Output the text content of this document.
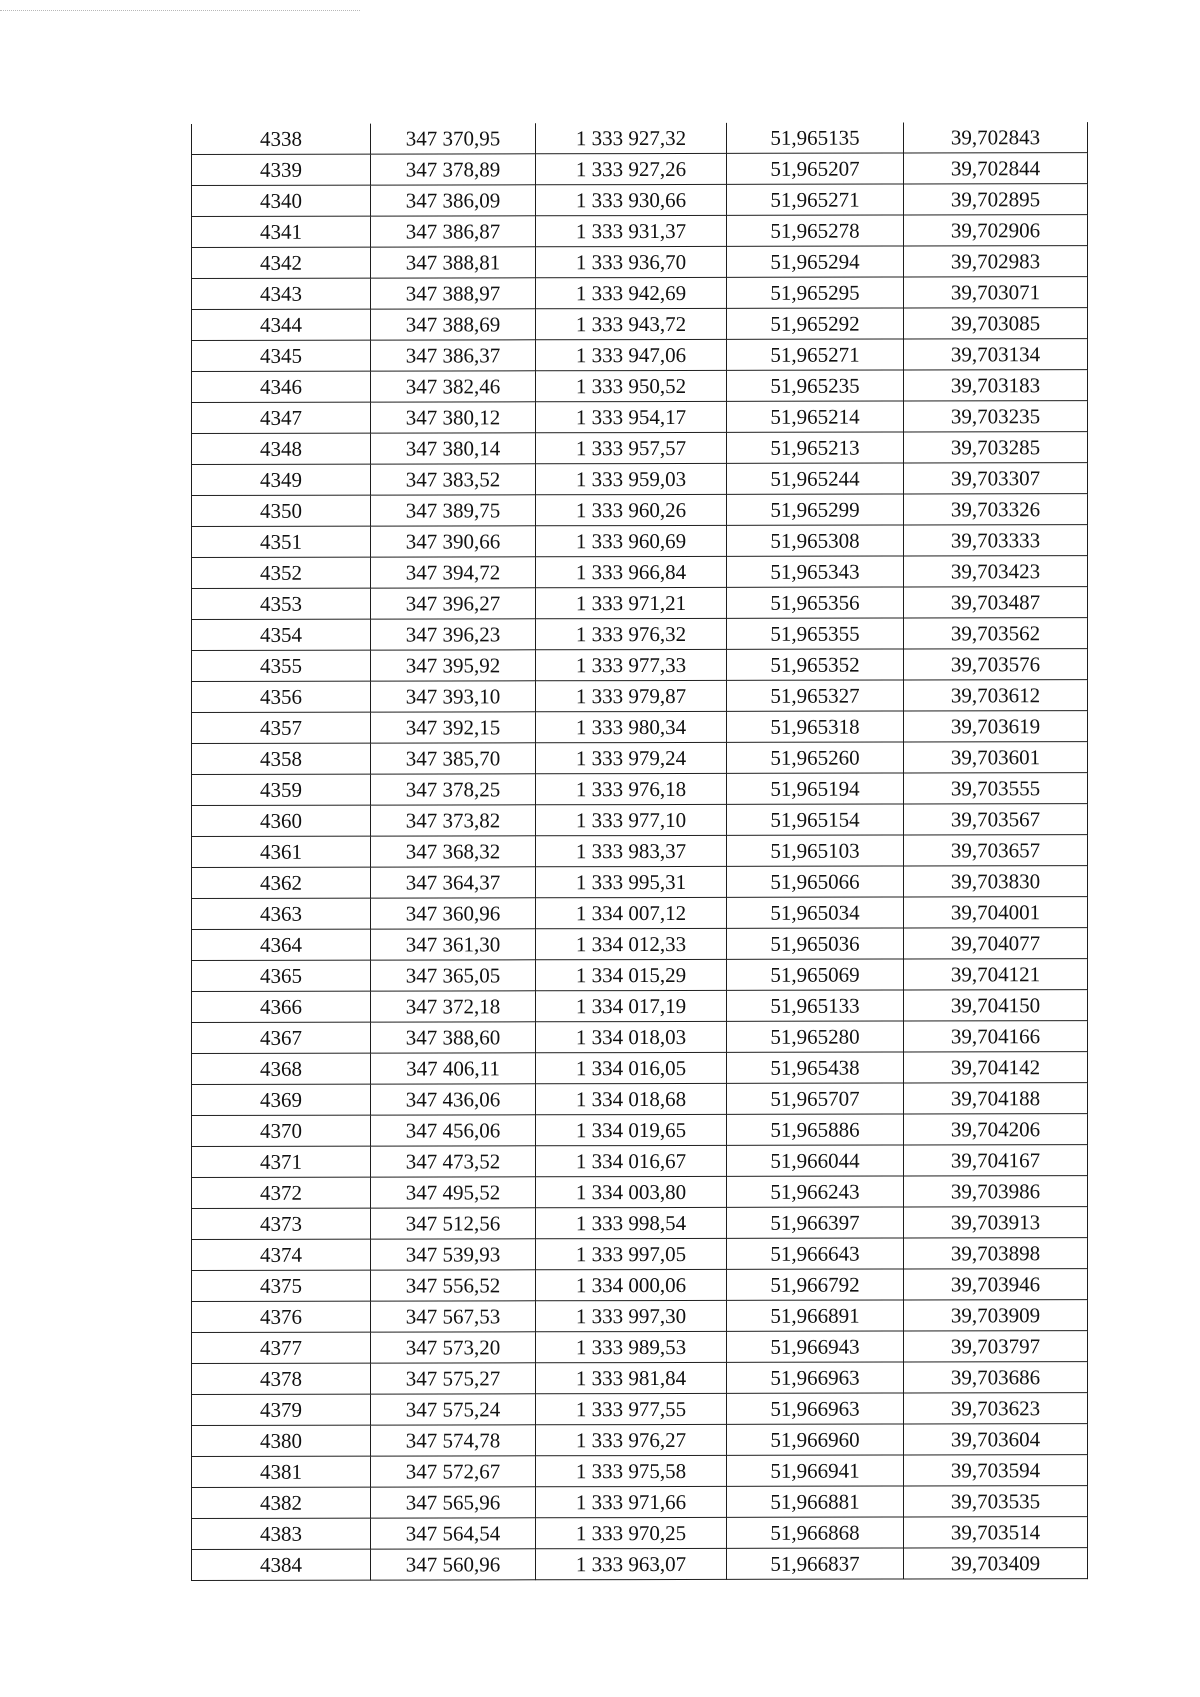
4338	347 370,95	1 333 927,32	51,965135	39,702843
4339	347 378,89	1 333 927,26	51,965207	39,702844
4340	347 386,09	1 333 930,66	51,965271	39,702895
4341	347 386,87	1 333 931,37	51,965278	39,702906
4342	347 388,81	1 333 936,70	51,965294	39,702983
4343	347 388,97	1 333 942,69	51,965295	39,703071
4344	347 388,69	1 333 943,72	51,965292	39,703085
4345	347 386,37	1 333 947,06	51,965271	39,703134
4346	347 382,46	1 333 950,52	51,965235	39,703183
4347	347 380,12	1 333 954,17	51,965214	39,703235
4348	347 380,14	1 333 957,57	51,965213	39,703285
4349	347 383,52	1 333 959,03	51,965244	39,703307
4350	347 389,75	1 333 960,26	51,965299	39,703326
4351	347 390,66	1 333 960,69	51,965308	39,703333
4352	347 394,72	1 333 966,84	51,965343	39,703423
4353	347 396,27	1 333 971,21	51,965356	39,703487
4354	347 396,23	1 333 976,32	51,965355	39,703562
4355	347 395,92	1 333 977,33	51,965352	39,703576
4356	347 393,10	1 333 979,87	51,965327	39,703612
4357	347 392,15	1 333 980,34	51,965318	39,703619
4358	347 385,70	1 333 979,24	51,965260	39,703601
4359	347 378,25	1 333 976,18	51,965194	39,703555
4360	347 373,82	1 333 977,10	51,965154	39,703567
4361	347 368,32	1 333 983,37	51,965103	39,703657
4362	347 364,37	1 333 995,31	51,965066	39,703830
4363	347 360,96	1 334 007,12	51,965034	39,704001
4364	347 361,30	1 334 012,33	51,965036	39,704077
4365	347 365,05	1 334 015,29	51,965069	39,704121
4366	347 372,18	1 334 017,19	51,965133	39,704150
4367	347 388,60	1 334 018,03	51,965280	39,704166
4368	347 406,11	1 334 016,05	51,965438	39,704142
4369	347 436,06	1 334 018,68	51,965707	39,704188
4370	347 456,06	1 334 019,65	51,965886	39,704206
4371	347 473,52	1 334 016,67	51,966044	39,704167
4372	347 495,52	1 334 003,80	51,966243	39,703986
4373	347 512,56	1 333 998,54	51,966397	39,703913
4374	347 539,93	1 333 997,05	51,966643	39,703898
4375	347 556,52	1 334 000,06	51,966792	39,703946
4376	347 567,53	1 333 997,30	51,966891	39,703909
4377	347 573,20	1 333 989,53	51,966943	39,703797
4378	347 575,27	1 333 981,84	51,966963	39,703686
4379	347 575,24	1 333 977,55	51,966963	39,703623
4380	347 574,78	1 333 976,27	51,966960	39,703604
4381	347 572,67	1 333 975,58	51,966941	39,703594
4382	347 565,96	1 333 971,66	51,966881	39,703535
4383	347 564,54	1 333 970,25	51,966868	39,703514
4384	347 560,96	1 333 963,07	51,966837	39,703409
